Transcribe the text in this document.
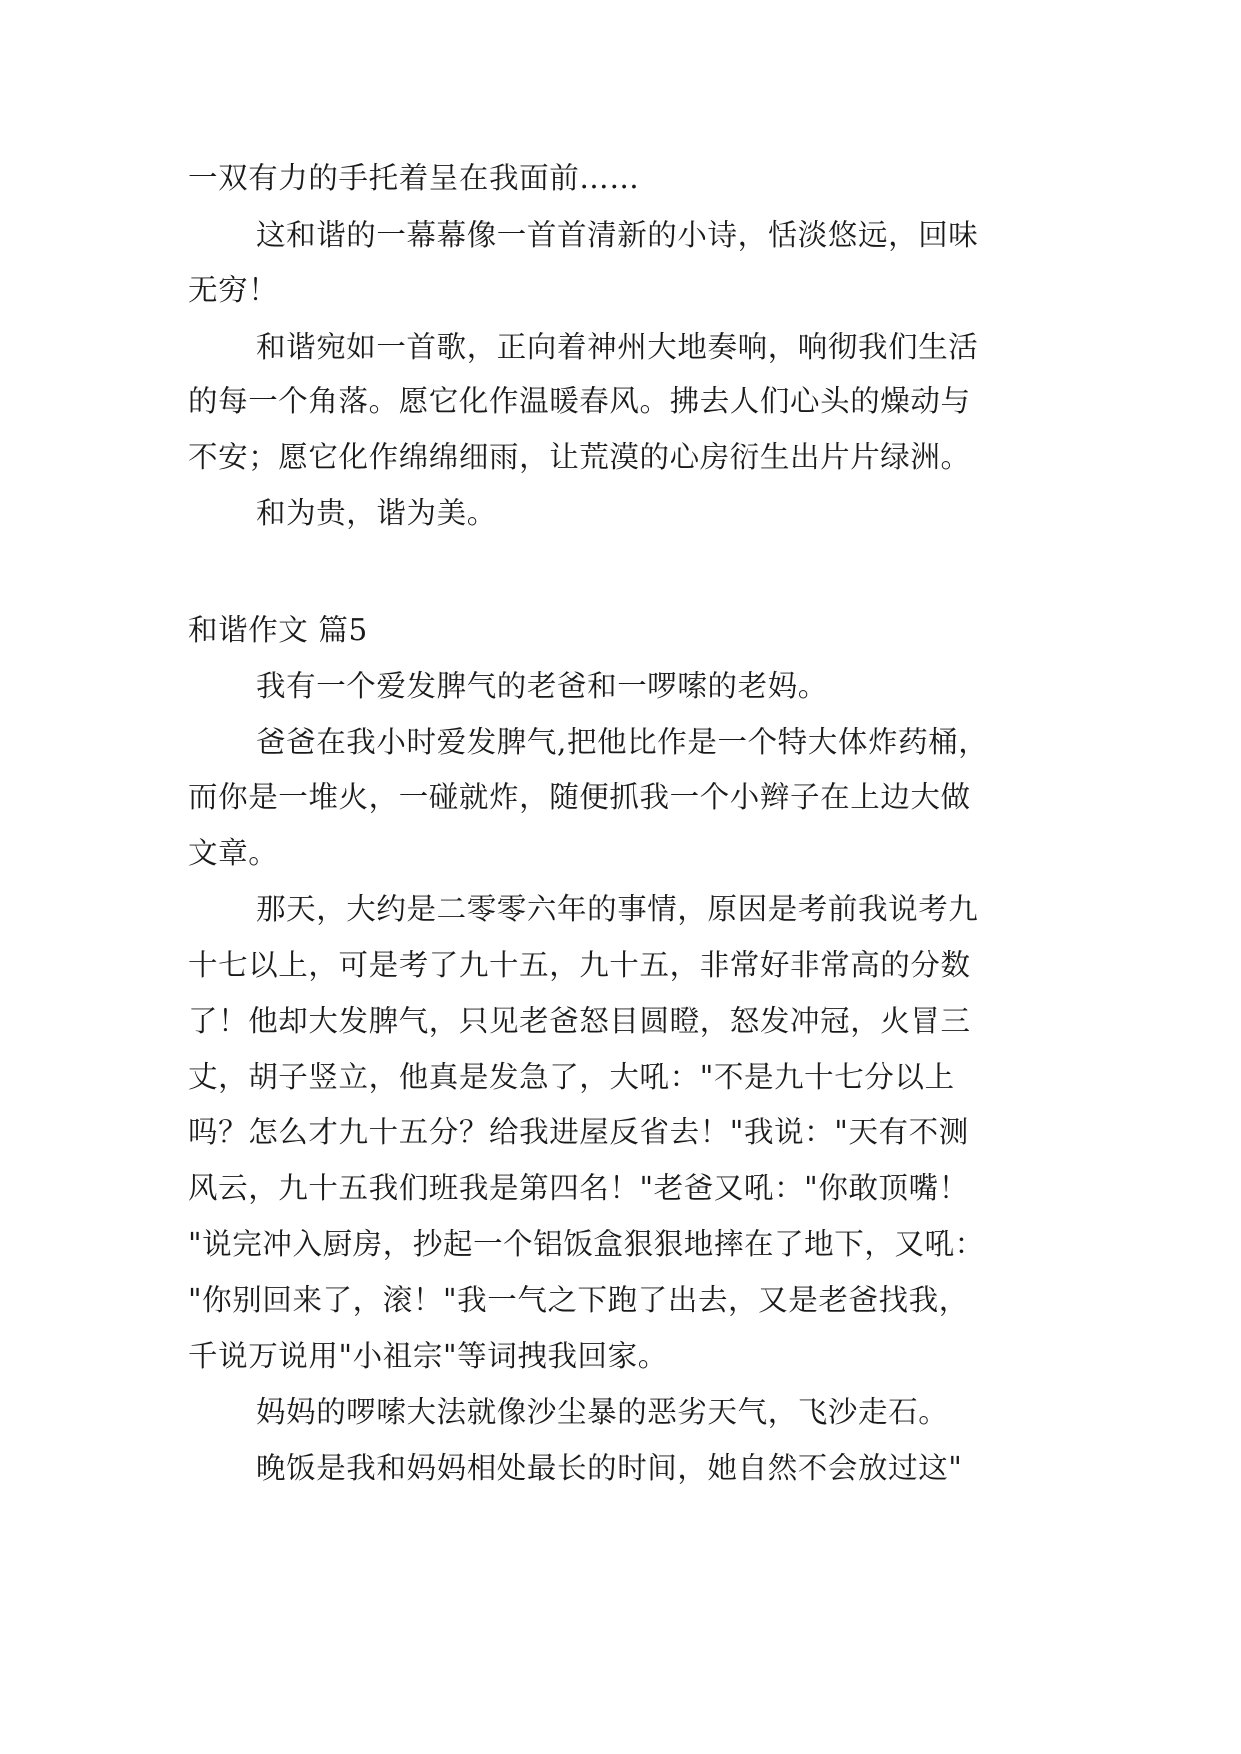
一双有力的手托着呈在我面前……
这和谐的一幕幕像一首首清新的小诗，恬淡悠远，回味
无穷！
和谐宛如一首歌，正向着神州大地奏响，响彻我们生活
的每一个角落。愿它化作温暖春风。拂去人们心头的燥动与
不安；愿它化作绵绵细雨，让荒漠的心房衍生出片片绿洲。
和为贵，谐为美。
和谐作文 篇5
我有一个爱发脾气的老爸和一啰嗦的老妈。
爸爸在我小时爱发脾气,把他比作是一个特大体炸药桶，
而你是一堆火，一碰就炸，随便抓我一个小辫子在上边大做
文章。
那天，大约是二零零六年的事情，原因是考前我说考九
十七以上，可是考了九十五，九十五，非常好非常高的分数
了！他却大发脾气，只见老爸怒目圆瞪，怒发冲冠，火冒三
丈，胡子竖立，他真是发急了，大吼："不是九十七分以上
吗？怎么才九十五分？给我进屋反省去！"我说："天有不测
风云，九十五我们班我是第四名！"老爸又吼："你敢顶嘴！
"说完冲入厨房，抄起一个铝饭盒狠狠地摔在了地下，又吼：
"你别回来了，滚！"我一气之下跑了出去，又是老爸找我，
千说万说用"小祖宗"等词拽我回家。
妈妈的啰嗦大法就像沙尘暴的恶劣天气，飞沙走石。
晚饭是我和妈妈相处最长的时间，她自然不会放过这"
